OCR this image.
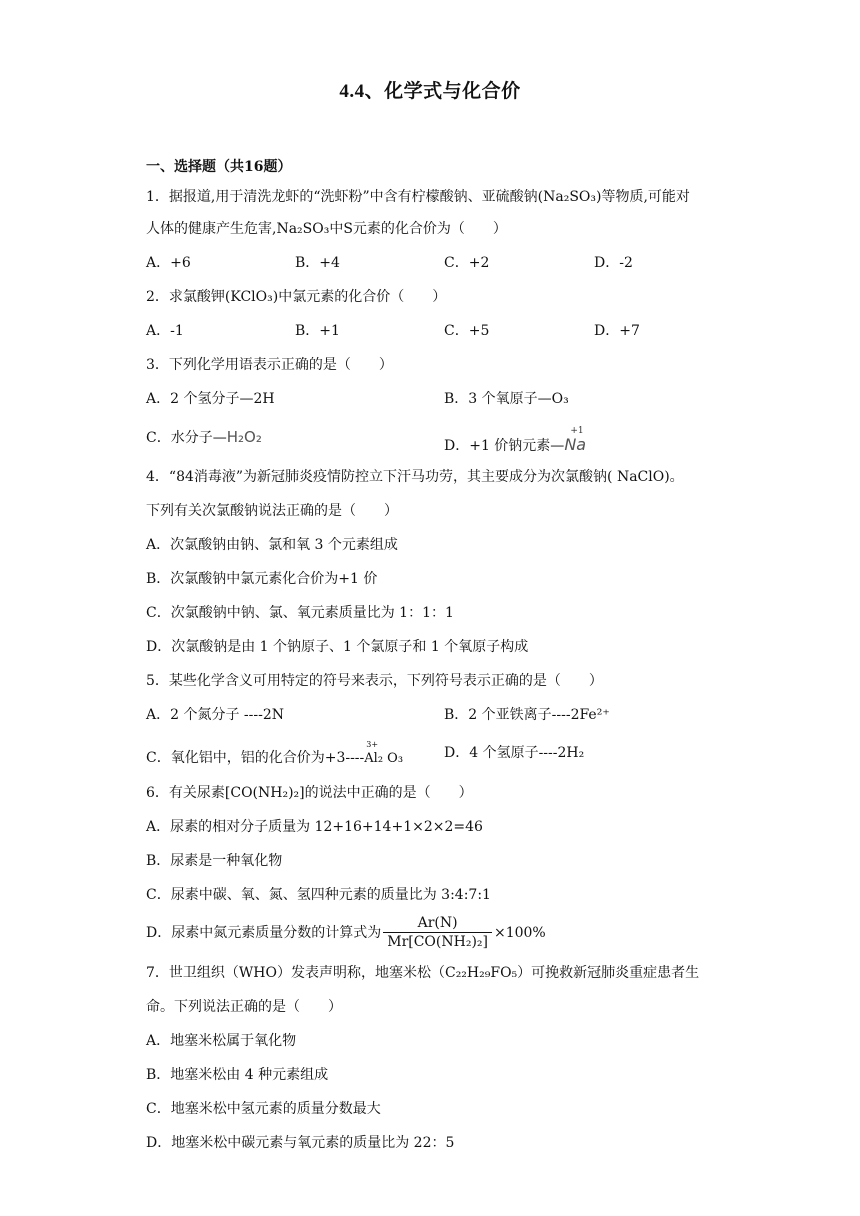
4.4、化学式与化合价
一、选择题（共16题）
1．据报道,用于清洗龙虾的“洗虾粉”中含有柠檬酸钠、亚硫酸钠(Na₂SO₃)等物质,可能对
人体的健康产生危害,Na₂SO₃中S元素的化合价为（　　）
A．+6	B．+4	C．+2	D．-2
2．求氯酸钾(KClO₃)中氯元素的化合价（　　）
A．-1	B．+1	C．+5	D．+7
3．下列化学用语表示正确的是（　　）
A．2 个氢分子—2H	B．3 个氧原子—O₃
C．水分子—H₂O₂	D．+1 价钠元素—
+1
Na
4．“84消毒液”为新冠肺炎疫情防控立下汗马功劳，其主要成分为次氯酸钠( NaClO)。
下列有关次氯酸钠说法正确的是（　　）
A．次氯酸钠由钠、氯和氧 3 个元素组成
B．次氯酸钠中氯元素化合价为+1 价
C．次氯酸钠中钠、氯、氧元素质量比为 1：1：1
D．次氯酸钠是由 1 个钠原子、1 个氯原子和 1 个氧原子构成
5．某些化学含义可用特定的符号来表示，下列符号表示正确的是（　　）
A．2 个氮分子 ----2N	B．2 个亚铁离子----2Fe²⁺
C．氧化铝中，铝的化合价为+3----
3+
Al₂ O₃	D．4 个氢原子----2H₂
6．有关尿素[CO(NH₂)₂]的说法中正确的是（　　）
A．尿素的相对分子质量为 12+16+14+1×2×2=46
B．尿素是一种氧化物
C．尿素中碳、氧、氮、氢四种元素的质量比为 3:4:7:1
D．尿素中氮元素质量分数的计算式为 $\frac{Ar(N)}{\text{Mr[CO(NH₂)₂]}} \times 100\%$
7．世卫组织（WHO）发表声明称，地塞米松（C₂₂H₂₉FO₅）可挽救新冠肺炎重症患者生
命。下列说法正确的是（　　）
A．地塞米松属于氧化物
B．地塞米松由 4 种元素组成
C．地塞米松中氢元素的质量分数最大
D．地塞米松中碳元素与氧元素的质量比为 22：5
